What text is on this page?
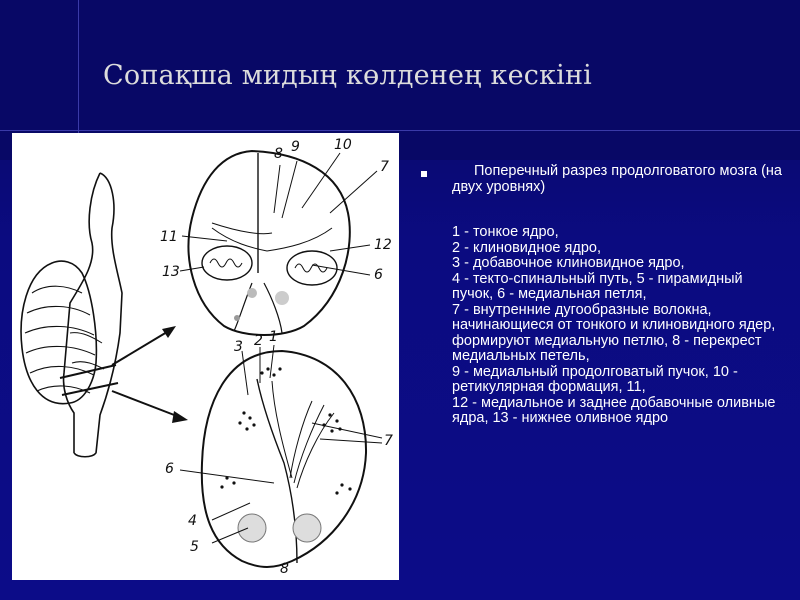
Сопақша мидың көлденең кескіні
8 9 10
7
11	12
13	6
3 2 1
7
6
4
5
8
Поперечный разрез продолговатого мозга (на двух уровнях)
1 - тонкое ядро,
2 - клиновидное ядро,
3 - добавочное клиновидное ядро,
4 - текто-спинальный путь, 5 - пирамидный пучок, 6 - медиальная петля,
7 - внутренние дугообразные волокна, начинающиеся от тонкого и клиновидного ядер, формируют медиальную петлю, 8 - перекрест медиальных петель,
9 - медиальный продолговатый пучок, 10 - ретикулярная формация, 11,
12 - медиальное и заднее добавочные оливные ядра, 13 - нижнее оливное ядро
